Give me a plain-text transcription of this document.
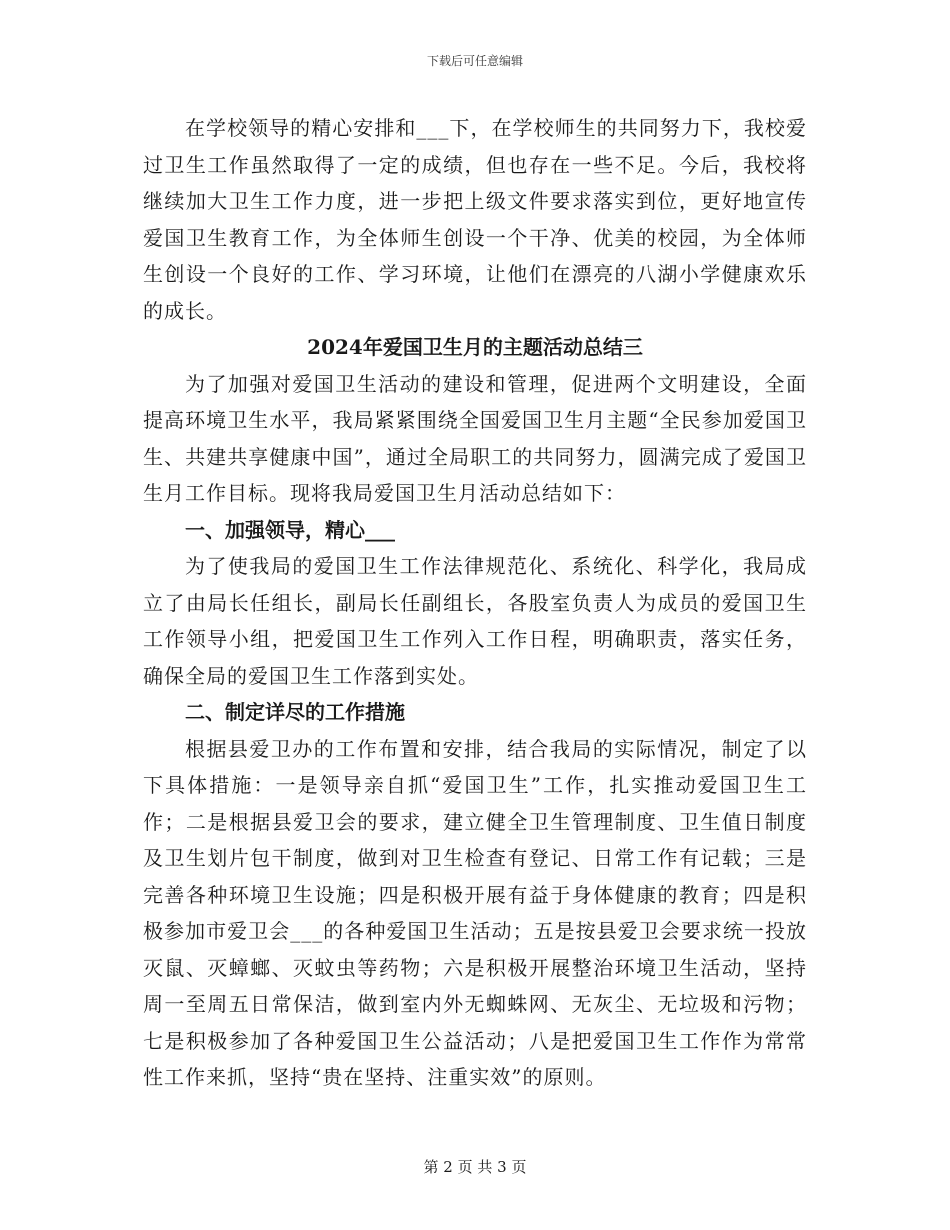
下载后可任意编辑

在学校领导的精心安排和___下，在学校师生的共同努力下，我校爱过卫生工作虽然取得了一定的成绩，但也存在一些不足。今后，我校将继续加大卫生工作力度，进一步把上级文件要求落实到位，更好地宣传爱国卫生教育工作，为全体师生创设一个干净、优美的校园，为全体师生创设一个良好的工作、学习环境，让他们在漂亮的八湖小学健康欢乐的成长。

2024年爱国卫生月的主题活动总结三

为了加强对爱国卫生活动的建设和管理，促进两个文明建设，全面提高环境卫生水平，我局紧紧围绕全国爱国卫生月主题“全民参加爱国卫生、共建共享健康中国”，通过全局职工的共同努力，圆满完成了爱国卫生月工作目标。现将我局爱国卫生月活动总结如下：

一、加强领导，精心___

为了使我局的爱国卫生工作法律规范化、系统化、科学化，我局成立了由局长任组长，副局长任副组长，各股室负责人为成员的爱国卫生工作领导小组，把爱国卫生工作列入工作日程，明确职责，落实任务，确保全局的爱国卫生工作落到实处。

二、制定详尽的工作措施

根据县爱卫办的工作布置和安排，结合我局的实际情况，制定了以下具体措施：一是领导亲自抓“爱国卫生”工作，扎实推动爱国卫生工作；二是根据县爱卫会的要求，建立健全卫生管理制度、卫生值日制度及卫生划片包干制度，做到对卫生检查有登记、日常工作有记载；三是完善各种环境卫生设施；四是积极开展有益于身体健康的教育；四是积极参加市爱卫会___的各种爱国卫生活动；五是按县爱卫会要求统一投放灭鼠、灭蟑螂、灭蚊虫等药物；六是积极开展整治环境卫生活动，坚持周一至周五日常保洁，做到室内外无蜘蛛网、无灰尘、无垃圾和污物；七是积极参加了各种爱国卫生公益活动；八是把爱国卫生工作作为常常性工作来抓，坚持“贵在坚持、注重实效”的原则。

第 2 页 共 3 页
